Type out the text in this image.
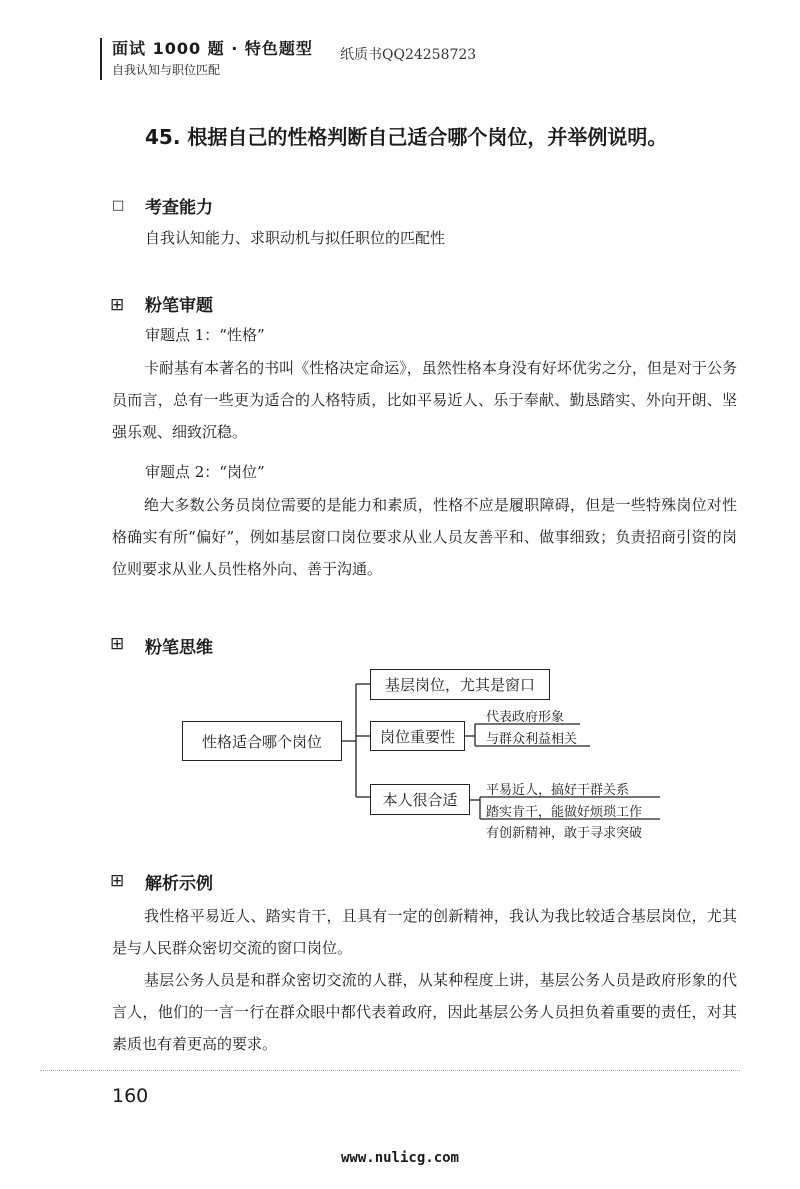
面试 1000 题 · 特色题型
自我认知与职位匹配
纸质书QQ24258723
45. 根据自己的性格判断自己适合哪个岗位，并举例说明。
□ 考查能力
自我认知能力、求职动机与拟任职位的匹配性
⊞ 粉笔审题
审题点 1：“性格”
卡耐基有本著名的书叫《性格决定命运》，虽然性格本身没有好坏优劣之分，但是对于公务员而言，总有一些更为适合的人格特质，比如平易近人、乐于奉献、勤恳踏实、外向开朗、坚强乐观、细致沉稳。
审题点 2：“岗位”
绝大多数公务员岗位需要的是能力和素质，性格不应是履职障碍，但是一些特殊岗位对性格确实有所“偏好”，例如基层窗口岗位要求从业人员友善平和、做事细致；负责招商引资的岗位则要求从业人员性格外向、善于沟通。
⊞ 粉笔思维
性格适合哪个岗位
基层岗位，尤其是窗口
岗位重要性
本人很合适
代表政府形象
与群众利益相关
平易近人，搞好干群关系
踏实肯干，能做好烦琐工作
有创新精神，敢于寻求突破
⊞ 解析示例
我性格平易近人、踏实肯干，且具有一定的创新精神，我认为我比较适合基层岗位，尤其是与人民群众密切交流的窗口岗位。
基层公务人员是和群众密切交流的人群，从某种程度上讲，基层公务人员是政府形象的代言人，他们的一言一行在群众眼中都代表着政府，因此基层公务人员担负着重要的责任，对其素质也有着更高的要求。
160
www.nulicg.com
